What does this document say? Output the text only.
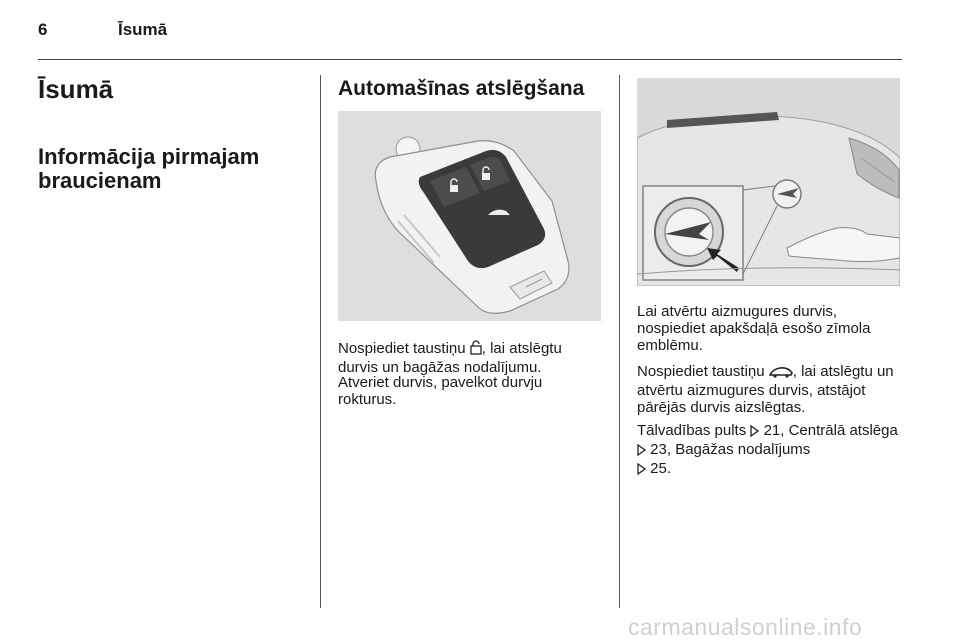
6	Īsumā
Īsumā
Informācija pirmajam braucienam
Automašīnas atslēgšana

Nospiediet taustiņu , lai atslēgtu durvis un bagāžas nodalījumu.

Atveriet durvis, pavelkot durvju rokturus.

Lai atvērtu aizmugures durvis, nospiediet apakšdaļā esošo zīmola emblēmu.

Nospiediet taustiņu , lai atslēgtu un atvērtu aizmugures durvis, atstājot pārējās durvis aizslēgtas.

Tālvadības pults  21, Centrālā atslēga  23, Bagāžas nodalījums
25.

carmanualsonline.info
